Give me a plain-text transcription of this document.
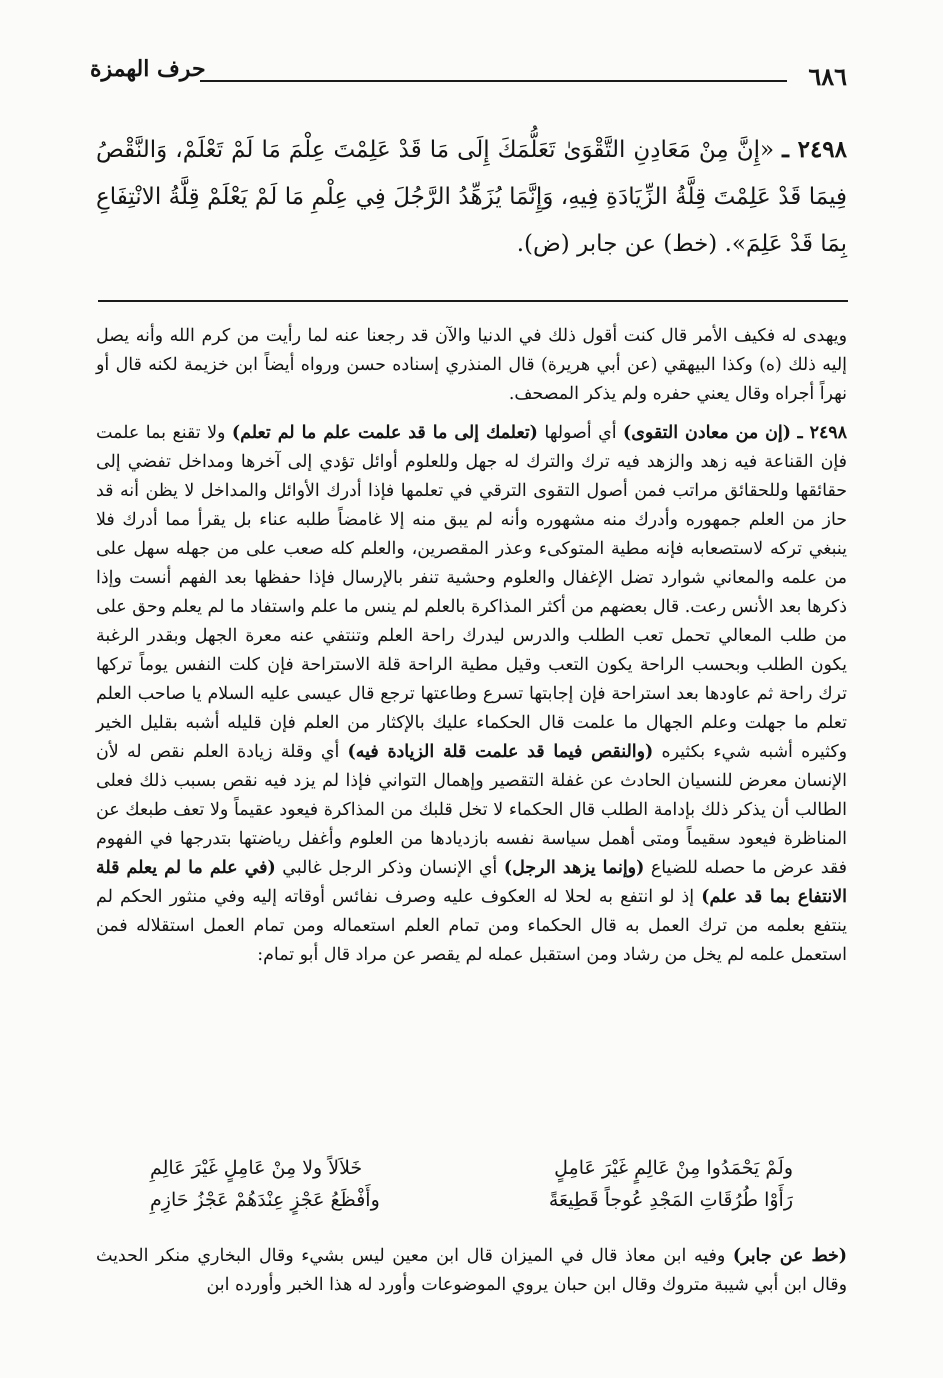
٦٨٦
حرف الهمزة
٢٤٩٨ ـ «إِنَّ مِنْ مَعَادِنِ التَّقْوَىٰ تَعَلُّمَكَ إِلَى مَا قَدْ عَلِمْتَ عِلْمَ مَا لَمْ تَعْلَمْ، وَالنَّقْصُ فِيمَا قَدْ عَلِمْتَ قِلَّةُ الزِّيَادَةِ فِيهِ، وَإِنَّمَا يُزَهِّدُ الرَّجُلَ فِي عِلْمِ مَا لَمْ يَعْلَمْ قِلَّةُ الانْتِفَاعِ بِمَا قَدْ عَلِمَ». (خط) عن جابر (ض).

ويهدى له فكيف الأمر قال كنت أقول ذلك في الدنيا والآن قد رجعنا عنه لما رأيت من كرم الله وأنه يصل إليه ذلك (ه) وكذا البيهقي (عن أبي هريرة) قال المنذري إسناده حسن ورواه أيضاً ابن خزيمة لكنه قال أو نهراً أجراه وقال يعني حفره ولم يذكر المصحف.

٢٤٩٨ ـ (إن من معادن التقوى) أي أصولها (تعلمك إلى ما قد علمت علم ما لم تعلم) ولا تقنع بما علمت فإن القناعة فيه زهد والزهد فيه ترك والترك له جهل وللعلوم أوائل تؤدي إلى آخرها ومداخل تفضي إلى حقائقها وللحقائق مراتب فمن أصول التقوى الترقي في تعلمها فإذا أدرك الأوائل والمداخل لا يظن أنه قد حاز من العلم جمهوره وأدرك منه مشهوره وأنه لم يبق منه إلا غامضاً طلبه عناء بل يقرأ مما أدرك فلا ينبغي تركه لاستصعابه فإنه مطية المتوكىء وعذر المقصرين، والعلم كله صعب على من جهله سهل على من علمه والمعاني شوارد تضل الإغفال والعلوم وحشية تنفر بالإرسال فإذا حفظها بعد الفهم أنست وإذا ذكرها بعد الأنس رعت. قال بعضهم من أكثر المذاكرة بالعلم لم ينس ما علم واستفاد ما لم يعلم وحق على من طلب المعالي تحمل تعب الطلب والدرس ليدرك راحة العلم وتنتفي عنه معرة الجهل وبقدر الرغبة يكون الطلب وبحسب الراحة يكون التعب وقيل مطية الراحة قلة الاستراحة فإن كلت النفس يوماً تركها ترك راحة ثم عاودها بعد استراحة فإن إجابتها تسرع وطاعتها ترجع قال عيسى عليه السلام يا صاحب العلم تعلم ما جهلت وعلم الجهال ما علمت قال الحكماء عليك بالإكثار من العلم فإن قليله أشبه بقليل الخير وكثيره أشبه شيء بكثيره (والنقص فيما قد علمت قلة الزيادة فيه) أي وقلة زيادة العلم نقص له لأن الإنسان معرض للنسيان الحادث عن غفلة التقصير وإهمال التواني فإذا لم يزد فيه نقص بسبب ذلك فعلى الطالب أن يذكر ذلك بإدامة الطلب قال الحكماء لا تخل قلبك من المذاكرة فيعود عقيماً ولا تعف طبعك عن المناظرة فيعود سقيماً ومتى أهمل سياسة نفسه بازديادها من العلوم وأغفل رياضتها بتدرجها في الفهوم فقد عرض ما حصله للضياع (وإنما يزهد الرجل) أي الإنسان وذكر الرجل غالبي (في علم ما لم يعلم قلة الانتفاع بما قد علم) إذ لو انتفع به لحلا له العكوف عليه وصرف نفائس أوقاته إليه وفي منثور الحكم لم ينتفع بعلمه من ترك العمل به قال الحكماء ومن تمام العلم استعماله ومن تمام العمل استقلاله فمن استعمل علمه لم يخل من رشاد ومن استقبل عمله لم يقصر عن مراد قال أبو تمام:

ولَمْ يَحْمَدُوا مِنْ عَالِمٍ غَيْرَ عَامِلٍ
خَلاَلاً ولا مِنْ عَامِلٍ غَيْرَ عَالِمِ
رَأَوْا طُرُقَاتِ المَجْدِ عُوجاً قَطِيعَةً
وأَفْظَعُ عَجْزٍ عِنْدَهُمْ عَجْزُ حَازِمِ

(خط عن جابر) وفيه ابن معاذ قال في الميزان قال ابن معين ليس بشيء وقال البخاري منكر الحديث وقال ابن أبي شيبة متروك وقال ابن حبان يروي الموضوعات وأورد له هذا الخبر وأورده ابن
